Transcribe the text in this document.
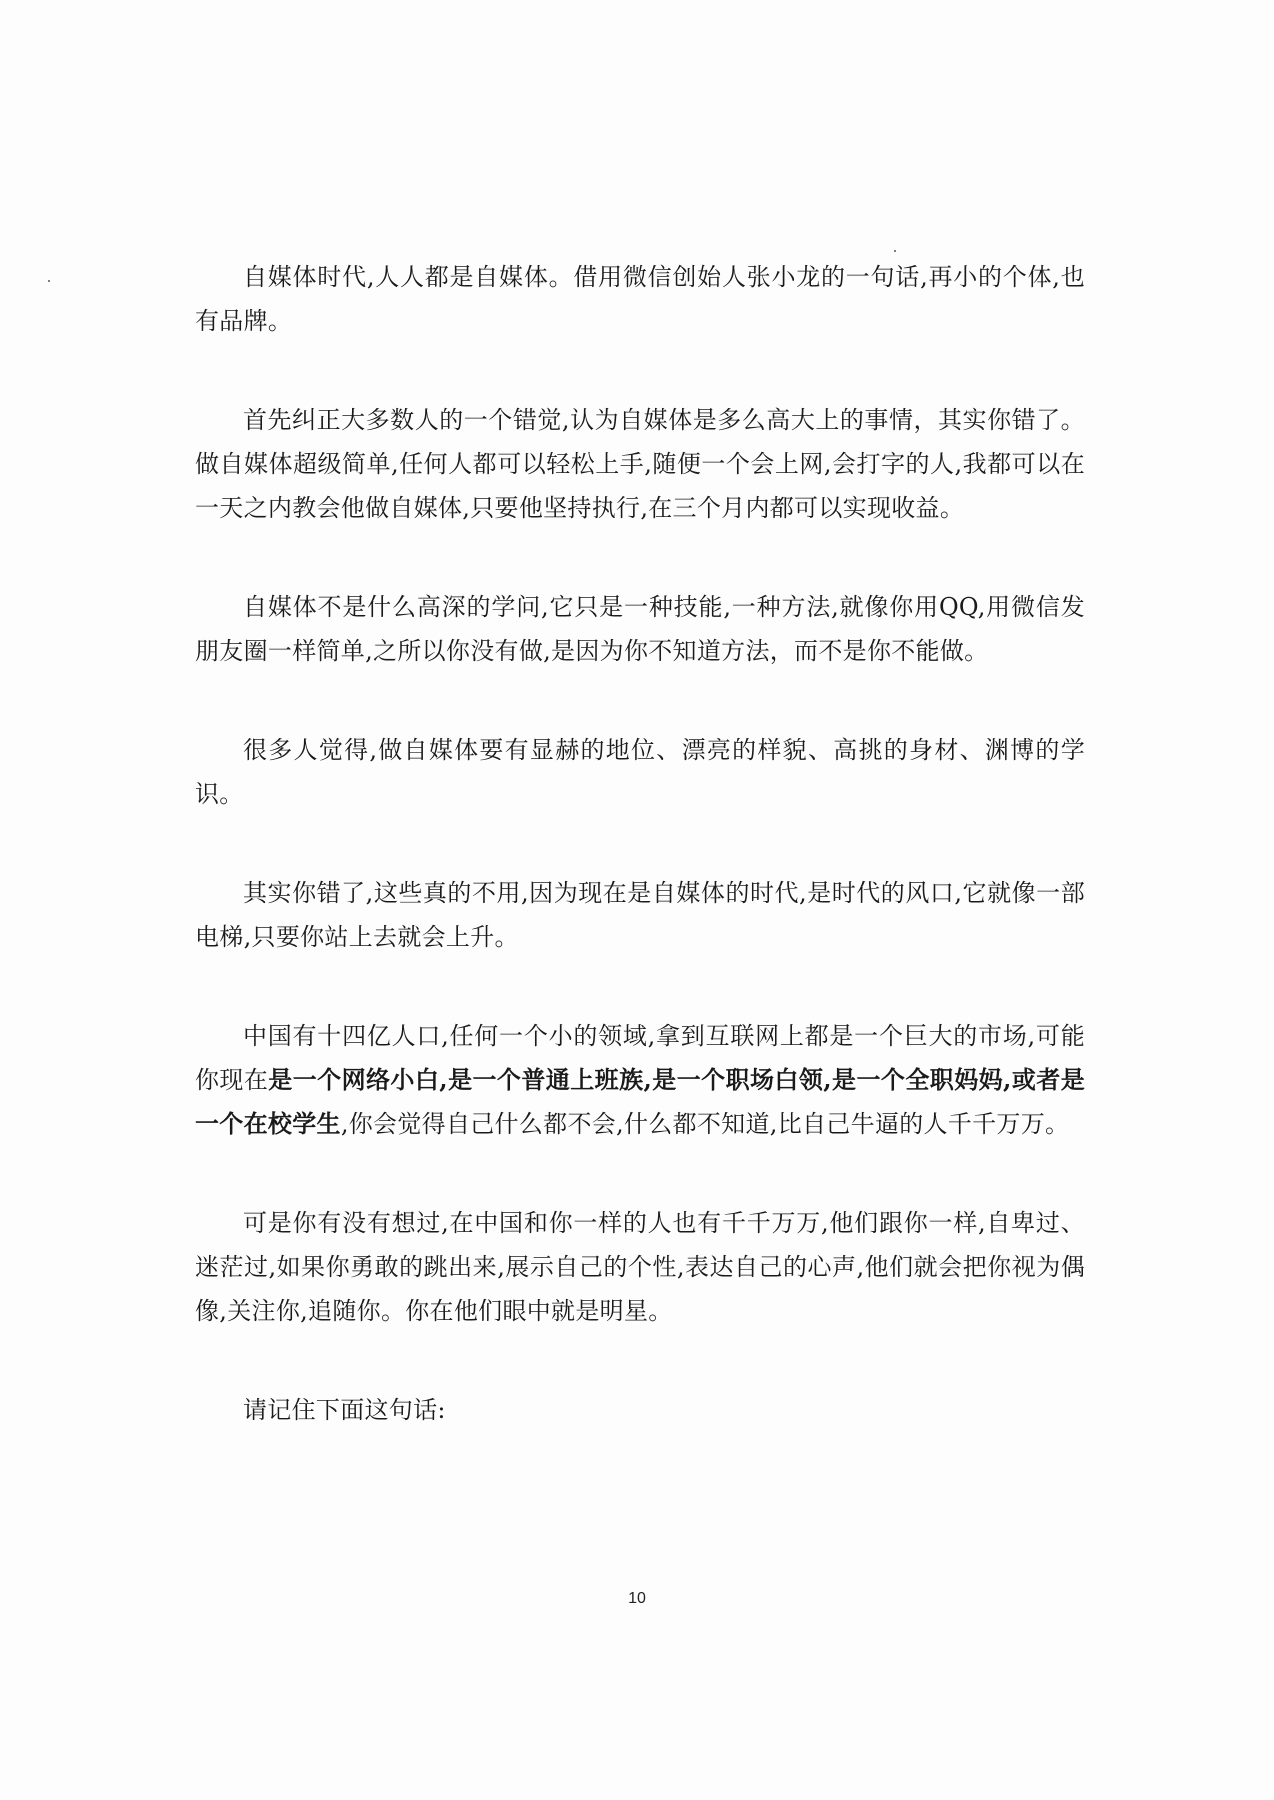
自媒体时代,人人都是自媒体。借用微信创始人张小龙的一句话,再小的个体,也有品牌。

首先纠正大多数人的一个错觉,认为自媒体是多么高大上的事情，其实你错了。做自媒体超级简单,任何人都可以轻松上手,随便一个会上网,会打字的人,我都可以在一天之内教会他做自媒体,只要他坚持执行,在三个月内都可以实现收益。

自媒体不是什么高深的学问,它只是一种技能,一种方法,就像你用QQ,用微信发朋友圈一样简单,之所以你没有做,是因为你不知道方法，而不是你不能做。

很多人觉得,做自媒体要有显赫的地位、漂亮的样貌、高挑的身材、渊博的学识。

其实你错了,这些真的不用,因为现在是自媒体的时代,是时代的风口,它就像一部电梯,只要你站上去就会上升。

中国有十四亿人口,任何一个小的领域,拿到互联网上都是一个巨大的市场,可能你现在是一个网络小白,是一个普通上班族,是一个职场白领,是一个全职妈妈,或者是一个在校学生,你会觉得自己什么都不会,什么都不知道,比自己牛逼的人千千万万。

可是你有没有想过,在中国和你一样的人也有千千万万,他们跟你一样,自卑过、迷茫过,如果你勇敢的跳出来,展示自己的个性,表达自己的心声,他们就会把你视为偶像,关注你,追随你。你在他们眼中就是明星。

请记住下面这句话:

10
